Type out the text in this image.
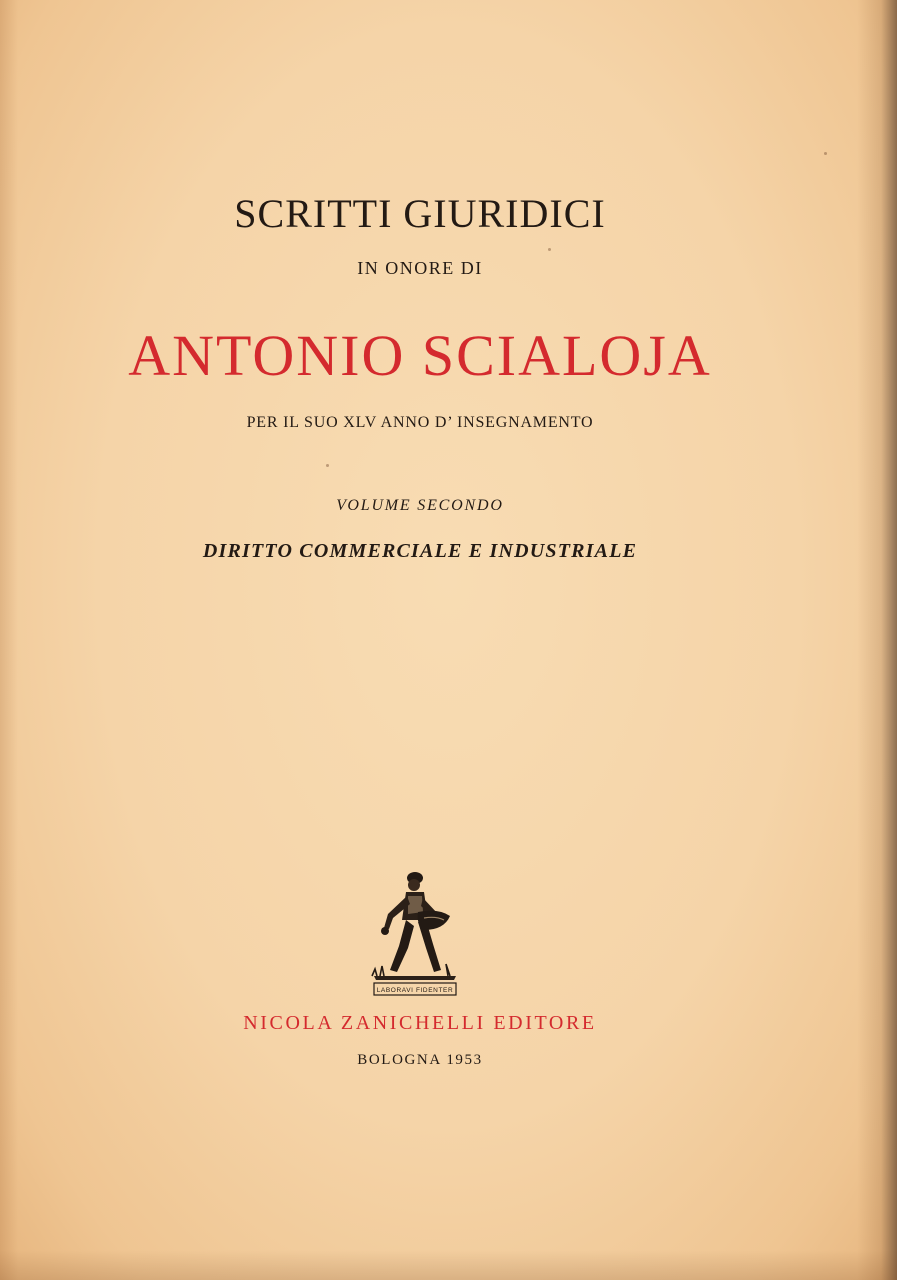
SCRITTI GIURIDICI
IN ONORE DI
ANTONIO SCIALOJA
PER IL SUO XLV ANNO D’ INSEGNAMENTO
VOLUME SECONDO
DIRITTO COMMERCIALE E INDUSTRIALE
LABORAVI FIDENTER
NICOLA ZANICHELLI EDITORE
BOLOGNA 1953
